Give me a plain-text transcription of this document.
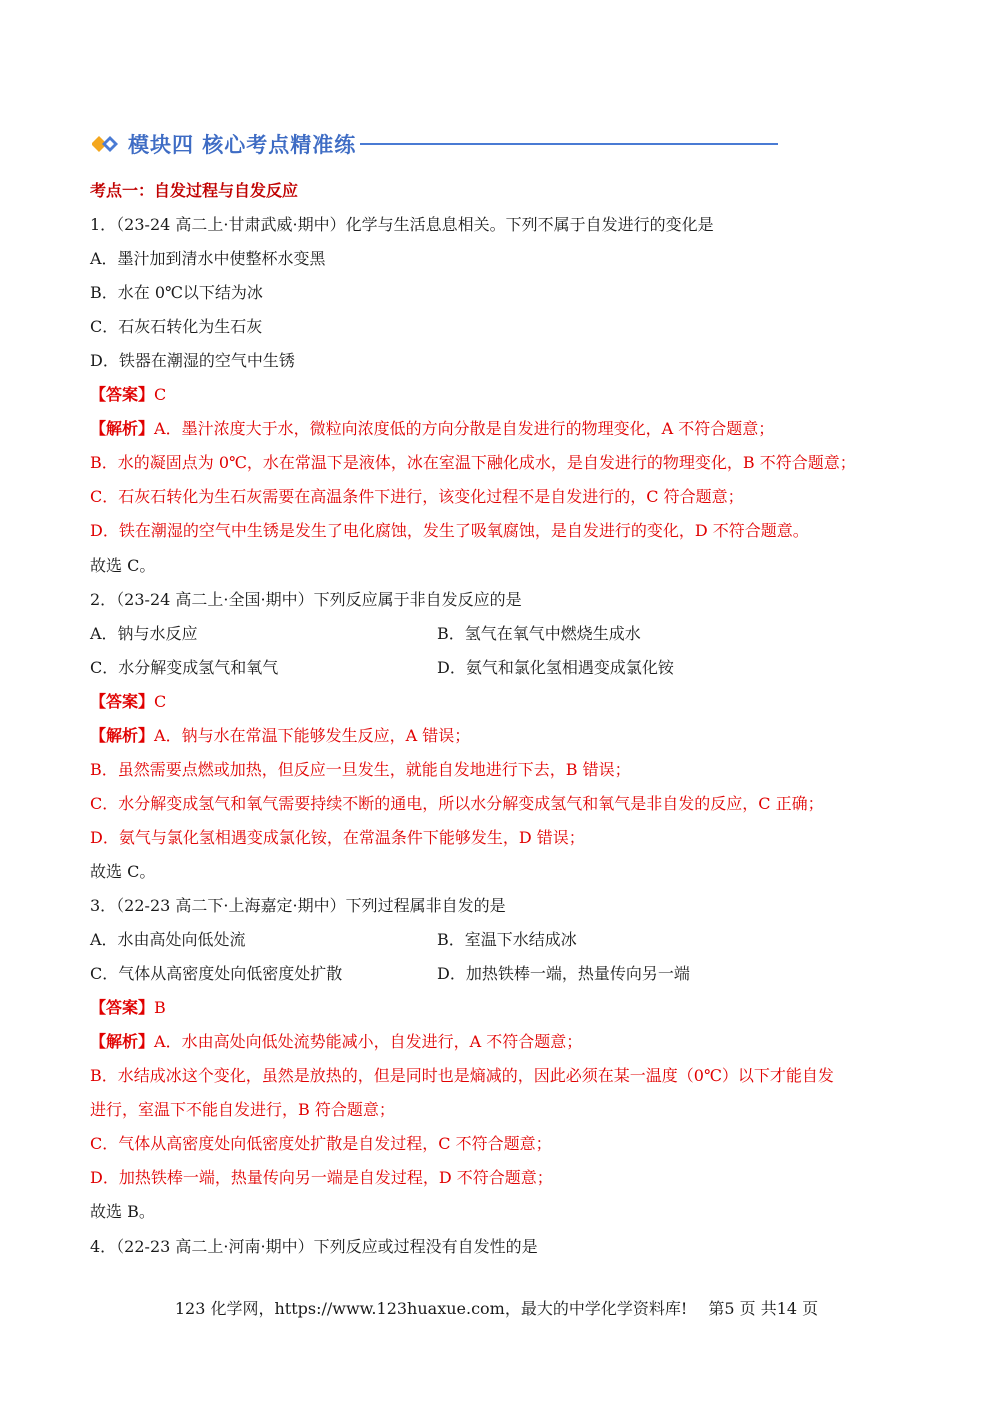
模块四 核心考点精准练
考点一：自发过程与自发反应
1．（23-24 高二上·甘肃武威·期中）化学与生活息息相关。下列不属于自发进行的变化是
A．墨汁加到清水中使整杯水变黑
B．水在 0℃以下结为冰
C．石灰石转化为生石灰
D．铁器在潮湿的空气中生锈
【答案】C
【解析】A．墨汁浓度大于水，微粒向浓度低的方向分散是自发进行的物理变化，A 不符合题意；
B．水的凝固点为 0℃，水在常温下是液体，冰在室温下融化成水，是自发进行的物理变化，B 不符合题意；
C．石灰石转化为生石灰需要在高温条件下进行，该变化过程不是自发进行的，C 符合题意；
D．铁在潮湿的空气中生锈是发生了电化腐蚀，发生了吸氧腐蚀，是自发进行的变化，D 不符合题意。
故选 C。
2．（23-24 高二上·全国·期中）下列反应属于非自发反应的是
A．钠与水反应	B．氢气在氧气中燃烧生成水
C．水分解变成氢气和氧气	D．氨气和氯化氢相遇变成氯化铵
【答案】C
【解析】A．钠与水在常温下能够发生反应，A 错误；
B．虽然需要点燃或加热，但反应一旦发生，就能自发地进行下去，B 错误；
C．水分解变成氢气和氧气需要持续不断的通电，所以水分解变成氢气和氧气是非自发的反应，C 正确；
D．氨气与氯化氢相遇变成氯化铵，在常温条件下能够发生，D 错误；
故选 C。
3．（22-23 高二下·上海嘉定·期中）下列过程属非自发的是
A．水由高处向低处流	B．室温下水结成冰
C．气体从高密度处向低密度处扩散	D．加热铁棒一端，热量传向另一端
【答案】B
【解析】A．水由高处向低处流势能减小，自发进行，A 不符合题意；
B．水结成冰这个变化，虽然是放热的，但是同时也是熵减的，因此必须在某一温度（0℃）以下才能自发
进行，室温下不能自发进行，B 符合题意；
C．气体从高密度处向低密度处扩散是自发过程，C 不符合题意；
D．加热铁棒一端，热量传向另一端是自发过程，D 不符合题意；
故选 B。
4．（22-23 高二上·河南·期中）下列反应或过程没有自发性的是
123 化学网，https://www.123huaxue.com，最大的中学化学资料库!　 第5 页 共14 页
